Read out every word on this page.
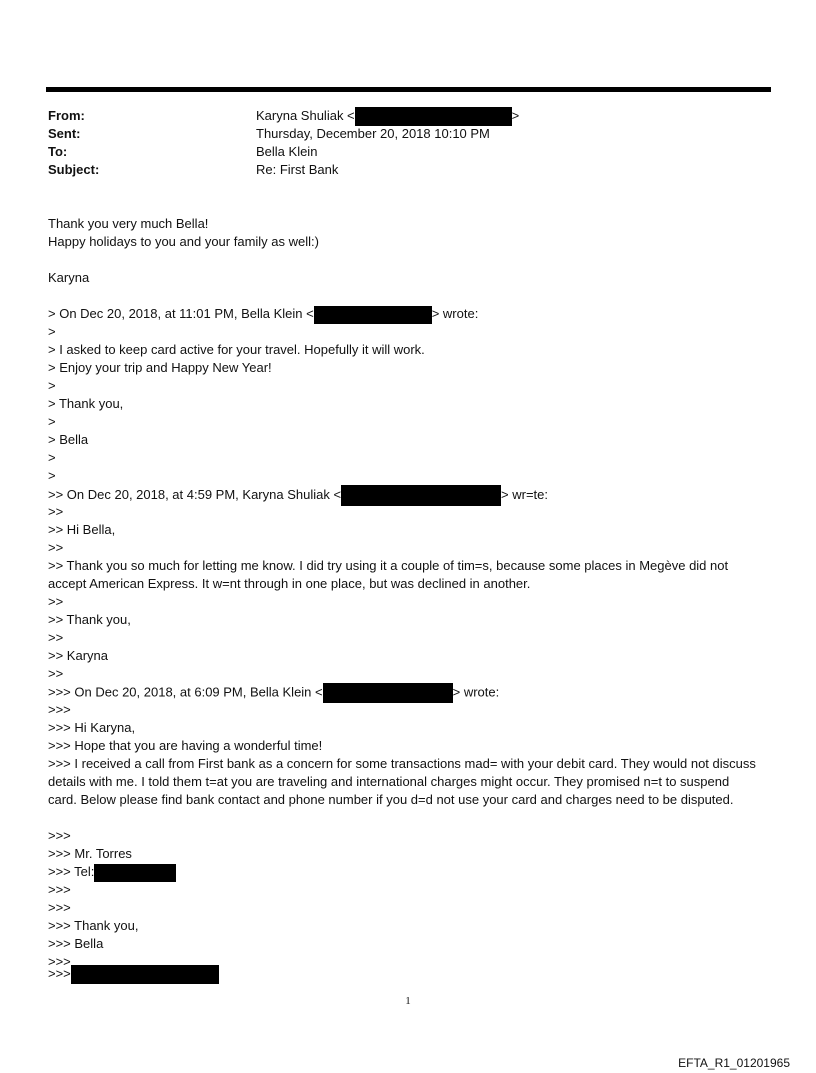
From:	Karyna Shuliak <	>
Sent:	Thursday, December 20, 2018 10:10 PM
To:	Bella Klein
Subject:	Re: First Bank
Thank you very much Bella!
Happy holidays to you and your family as well:)
Karyna
> On Dec 20, 2018, at 11:01 PM, Bella Klein <	> wrote:
>
> I asked to keep card active for your travel. Hopefully it will work.
> Enjoy your trip and Happy New Year!
>
> Thank you,
>
> Bella
>
>
>> On Dec 20, 2018, at 4:59 PM, Karyna Shuliak <	> wr=te:
>>
>> Hi Bella,
>>
>> Thank you so much for letting me know. I did try using it a couple of tim=s, because some places in Megève did not accept American Express. It w=nt through in one place, but was declined in another.
>>
>> Thank you,
>>
>> Karyna
>>
>>> On Dec 20, 2018, at 6:09 PM, Bella Klein <	> wrote:
>>>
>>> Hi Karyna,
>>> Hope that you are having a wonderful time!
>>> I received a call from First bank as a concern for some transactions mad= with your debit card. They would not discuss details with me. I told them t=at you are traveling and international charges might occur. They promised n=t to suspend card. Below please find bank contact and phone number if you d=d not use your card and charges need to be disputed.
>>>
>>> Mr. Torres
>>> Tel:
>>>
>>>
>>> Thank you,
>>> Bella
>>>
>>>
1
EFTA_R1_01201965
